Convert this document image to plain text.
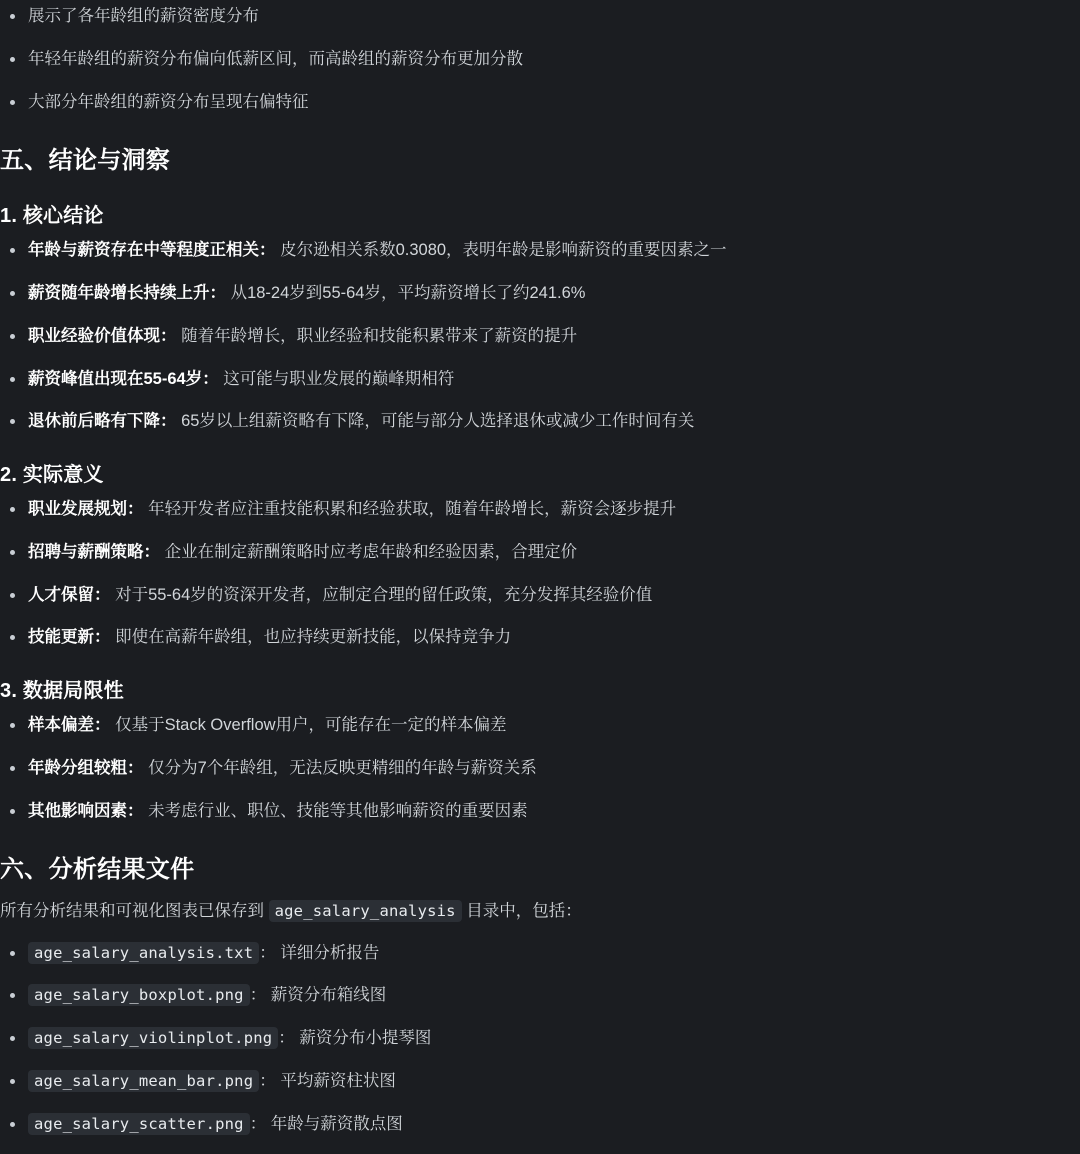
展示了各年龄组的薪资密度分布
年轻年龄组的薪资分布偏向低薪区间，而高龄组的薪资分布更加分散
大部分年龄组的薪资分布呈现右偏特征
五、结论与洞察
1. 核心结论
年龄与薪资存在中等程度正相关： 皮尔逊相关系数0.3080，表明年龄是影响薪资的重要因素之一
薪资随年龄增长持续上升： 从18-24岁到55-64岁，平均薪资增长了约241.6%
职业经验价值体现： 随着年龄增长，职业经验和技能积累带来了薪资的提升
薪资峰值出现在55-64岁： 这可能与职业发展的巅峰期相符
退休前后略有下降： 65岁以上组薪资略有下降，可能与部分人选择退休或减少工作时间有关
2. 实际意义
职业发展规划： 年轻开发者应注重技能积累和经验获取，随着年龄增长，薪资会逐步提升
招聘与薪酬策略： 企业在制定薪酬策略时应考虑年龄和经验因素，合理定价
人才保留： 对于55-64岁的资深开发者，应制定合理的留任政策，充分发挥其经验价值
技能更新： 即使在高薪年龄组，也应持续更新技能，以保持竞争力
3. 数据局限性
样本偏差： 仅基于Stack Overflow用户，可能存在一定的样本偏差
年龄分组较粗： 仅分为7个年龄组，无法反映更精细的年龄与薪资关系
其他影响因素： 未考虑行业、职位、技能等其他影响薪资的重要因素
六、分析结果文件

所有分析结果和可视化图表已保存到 age_salary_analysis 目录中，包括：

age_salary_analysis.txt ： 详细分析报告
age_salary_boxplot.png ： 薪资分布箱线图
age_salary_violinplot.png ： 薪资分布小提琴图
age_salary_mean_bar.png ： 平均薪资柱状图
age_salary_scatter.png ： 年龄与薪资散点图
